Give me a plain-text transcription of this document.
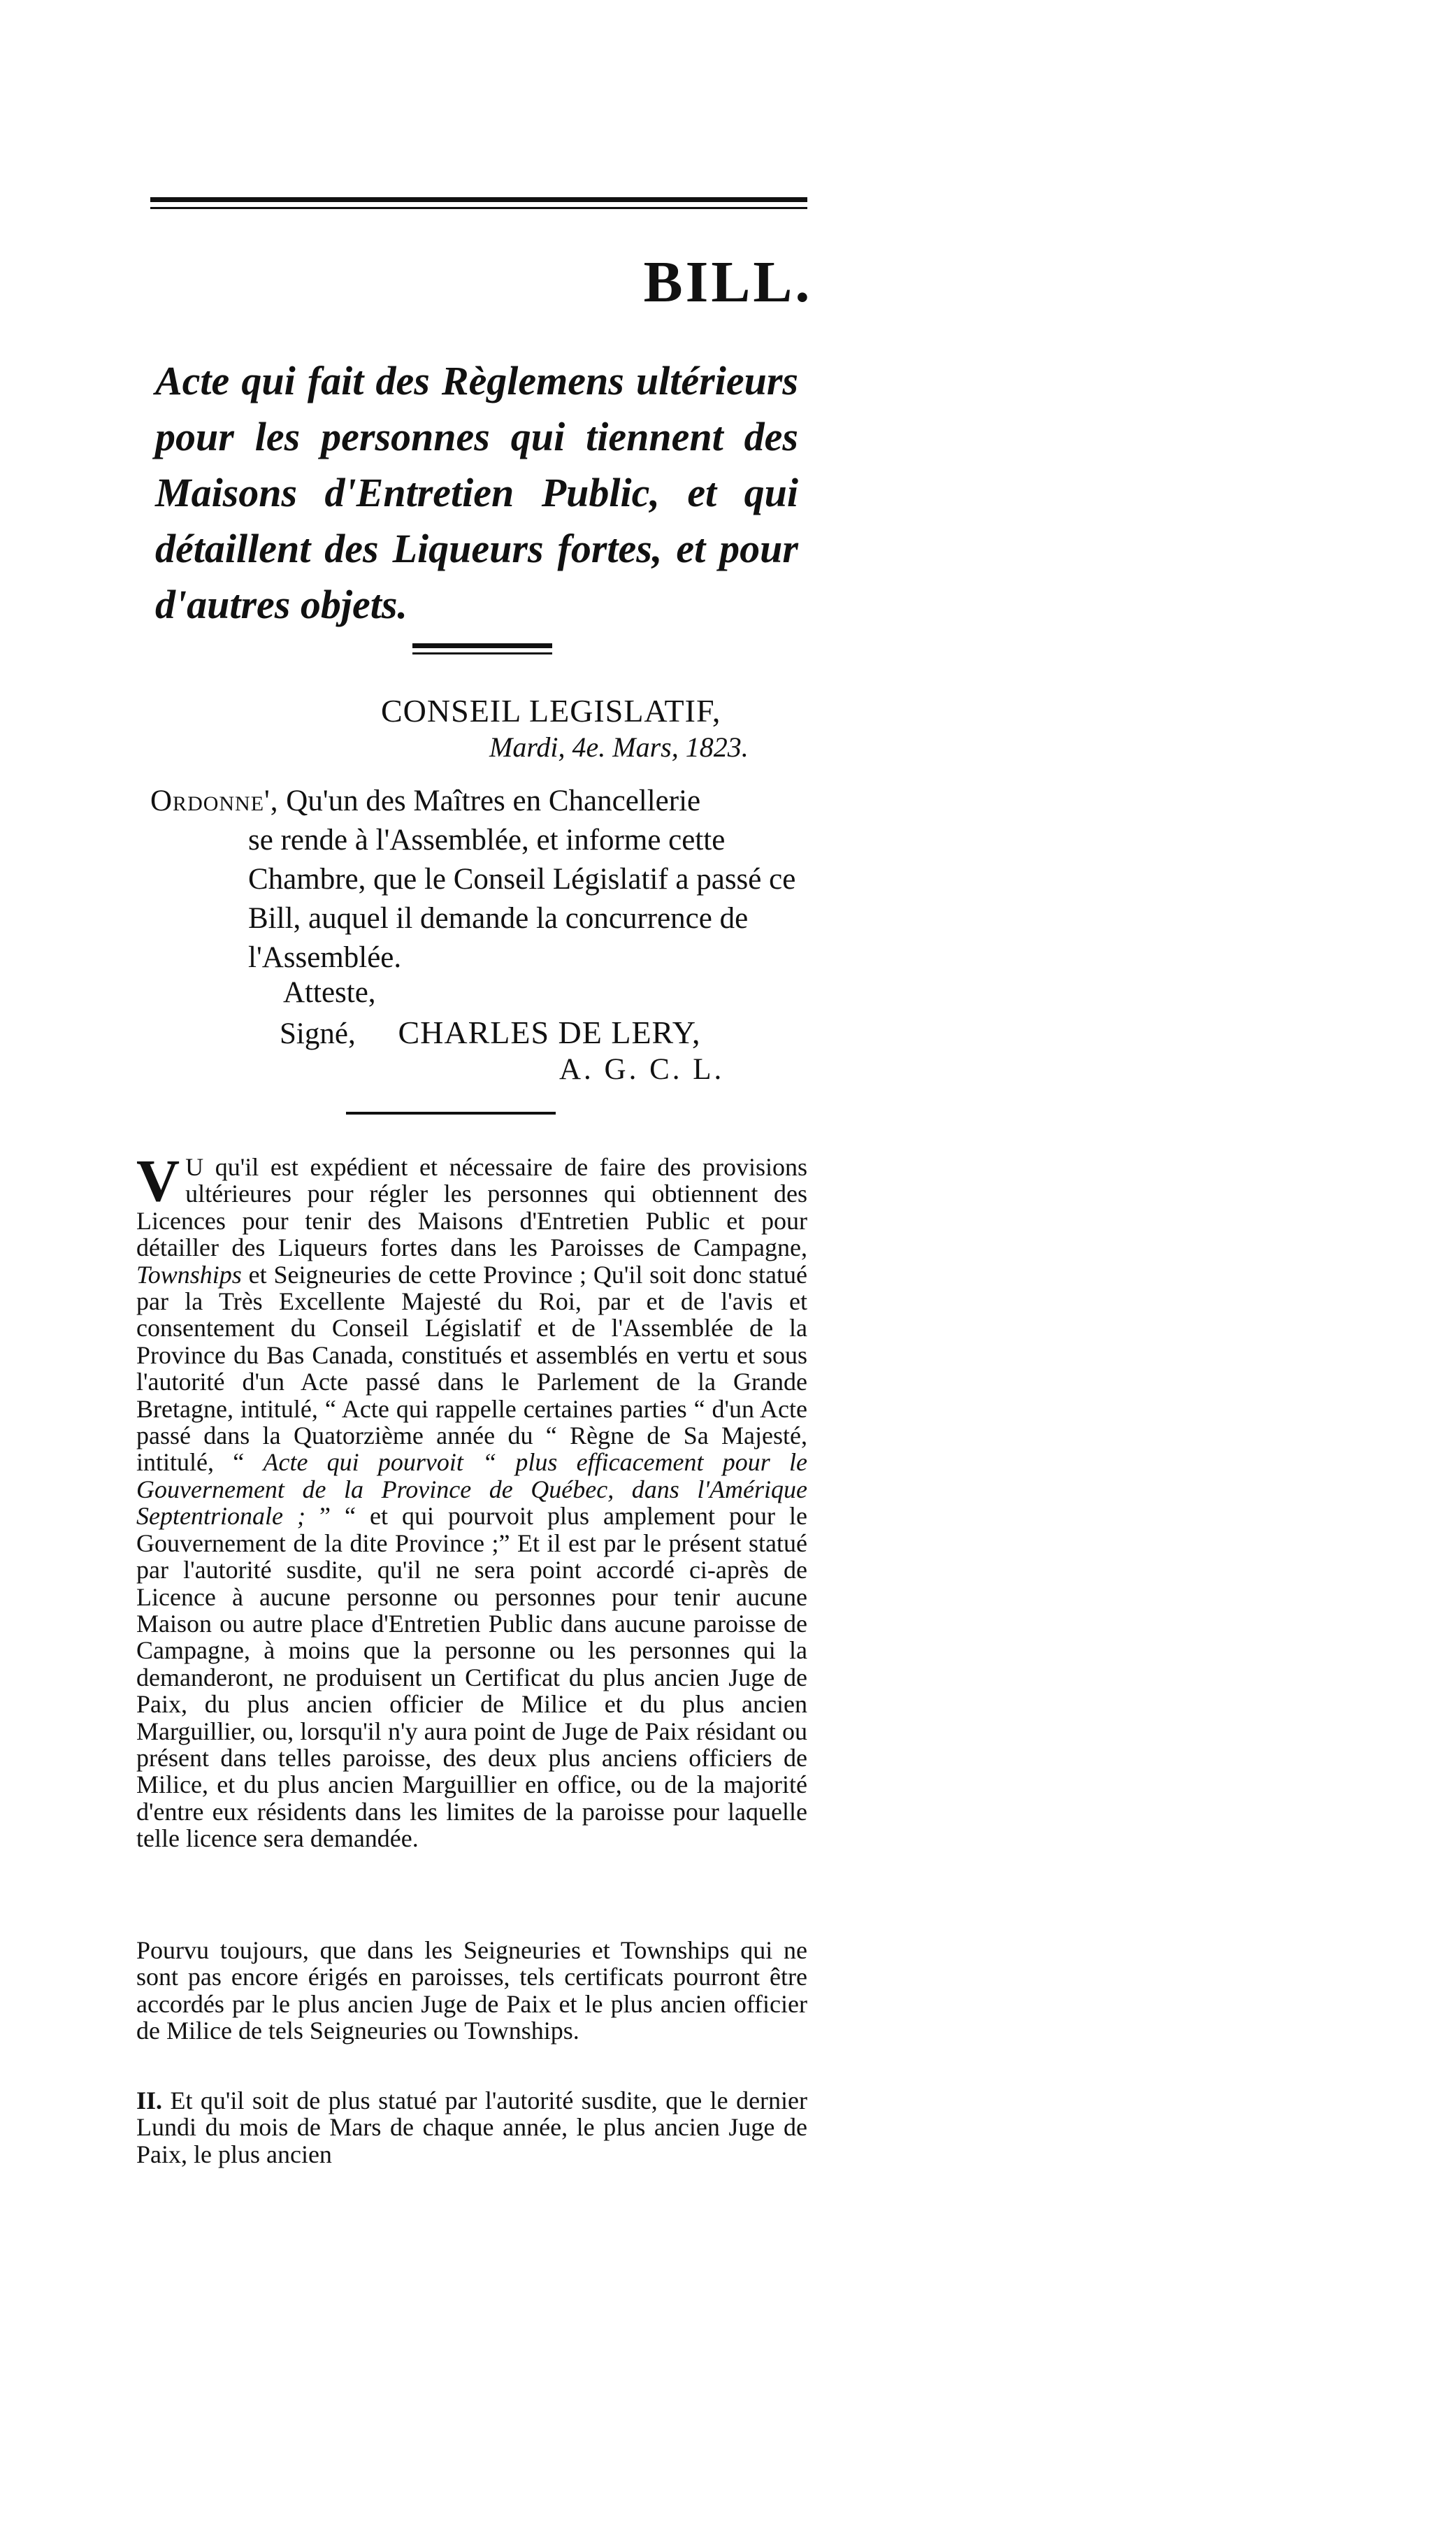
BILL.
Acte qui fait des Règlemens ultérieurs pour les personnes qui tiennent des Maisons d'Entretien Public, et qui détaillent des Liqueurs fortes, et pour d'autres objets.
CONSEIL LEGISLATIF,
Mardi, 4e. Mars, 1823.
Ordonne', Qu'un des Maîtres en Chancellerie
se rende à l'Assemblée, et informe cette Chambre, que le Conseil Législatif a passé ce Bill, auquel il demande la concurrence de l'Assemblée.
Atteste,
Signé, CHARLES DE LERY,
A. G. C. L.
V U qu'il est expédient et nécessaire de faire des provisions ultérieures pour régler les personnes qui obtiennent des Licences pour tenir des Maisons d'Entretien Public et pour détailler des Liqueurs fortes dans les Paroisses de Campagne, Townships et Seigneuries de cette Province ; Qu'il soit donc statué par la Très Excellente Majesté du Roi, par et de l'avis et consentement du Conseil Législatif et de l'Assemblée de la Province du Bas Canada, constitués et assemblés en vertu et sous l'autorité d'un Acte passé dans le Parlement de la Grande Bretagne, intitulé, “ Acte qui rappelle certaines parties “ d'un Acte passé dans la Quatorzième année du “ Règne de Sa Majesté, intitulé, “ Acte qui pourvoit “ plus efficacement pour le Gouvernement de la Province de Québec, dans l'Amérique Septentrionale ; ” “ et qui pourvoit plus amplement pour le Gouvernement de la dite Province ;” Et il est par le présent statué par l'autorité susdite, qu'il ne sera point accordé ci-après de Licence à aucune personne ou personnes pour tenir aucune Maison ou autre place d'Entretien Public dans aucune paroisse de Campagne, à moins que la personne ou les personnes qui la demanderont, ne produisent un Certificat du plus ancien Juge de Paix, du plus ancien officier de Milice et du plus ancien Marguillier, ou, lorsqu'il n'y aura point de Juge de Paix résidant ou présent dans telles paroisse, des deux plus anciens officiers de Milice, et du plus ancien Marguillier en office, ou de la majorité d'entre eux résidents dans les limites de la paroisse pour laquelle telle licence sera demandée.
Pourvu toujours, que dans les Seigneuries et Townships qui ne sont pas encore érigés en paroisses, tels certificats pourront être accordés par le plus ancien Juge de Paix et le plus ancien officier de Milice de tels Seigneuries ou Townships.
II. Et qu'il soit de plus statué par l'autorité susdite, que le dernier Lundi du mois de Mars de chaque année, le plus ancien Juge de Paix, le plus ancien
